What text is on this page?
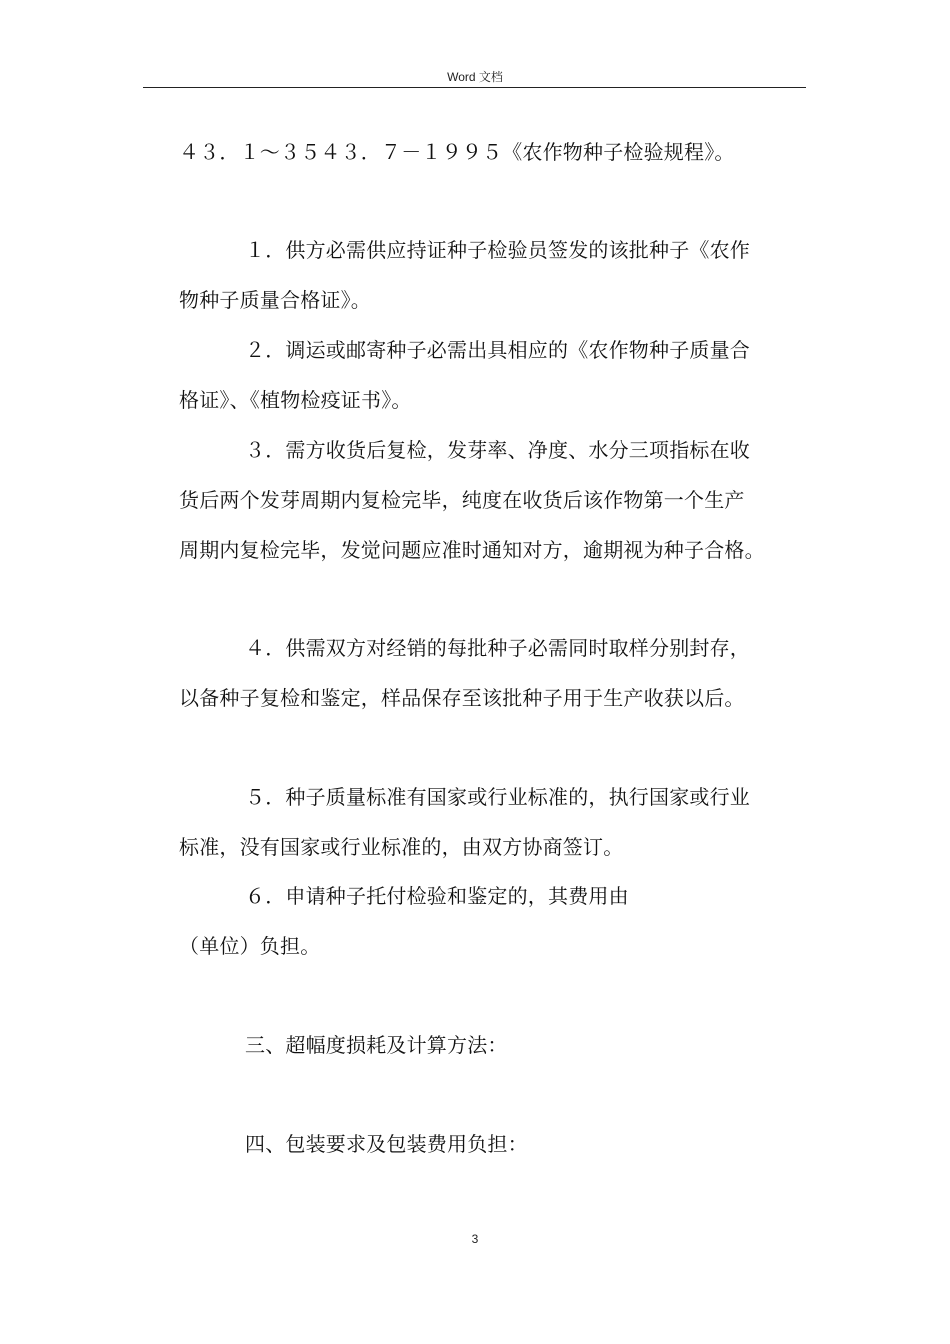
Word 文档
４３．１～３５４３．７－１９９５《农作物种子检验规程》。
１．供方必需供应持证种子检验员签发的该批种子《农作
物种子质量合格证》。
２．调运或邮寄种子必需出具相应的《农作物种子质量合
格证》、《植物检疫证书》。
３．需方收货后复检，发芽率、净度、水分三项指标在收
货后两个发芽周期内复检完毕，纯度在收货后该作物第一个生产
周期内复检完毕，发觉问题应准时通知对方，逾期视为种子合格。
４．供需双方对经销的每批种子必需同时取样分别封存，
以备种子复检和鉴定，样品保存至该批种子用于生产收获以后。
５．种子质量标准有国家或行业标准的，执行国家或行业
标准，没有国家或行业标准的，由双方协商签订。
６．申请种子托付检验和鉴定的，其费用由
（单位）负担。
三、超幅度损耗及计算方法：
四、包装要求及包装费用负担：
3
